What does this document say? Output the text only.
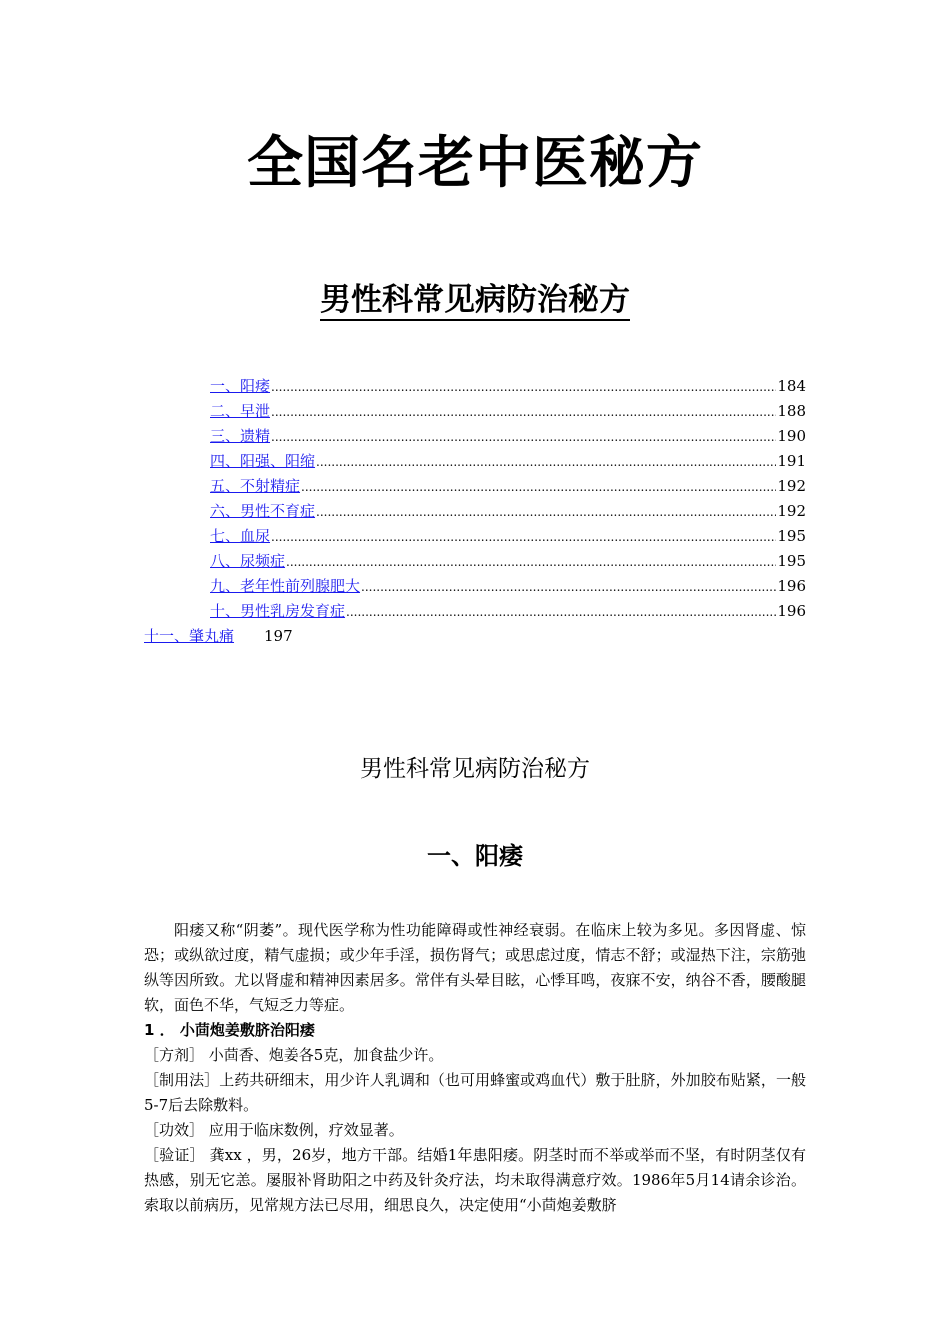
全国名老中医秘方
男性科常见病防治秘方
一、阳痿 .....	184
二、早泄 .....	188
三、遗精 .....	190
四、阳强、阳缩 .....	191
五、不射精症 .....	192
六、男性不育症 .....	192
七、血尿 .....	195
八、尿频症 .....	195
九、老年性前列腺肥大 .....	196
十、男性乳房发育症 .....	196
十一、肇丸痛 197
男性科常见病防治秘方
一、阳痿

阳痿又称“阴萎”。现代医学称为性功能障碍或性神经衰弱。在临床上较为多见。多因肾虚、惊恐；或纵欲过度，精气虚损；或少年手淫，损伤肾气；或思虑过度，情志不舒；或湿热下注，宗筋弛纵等因所致。尤以肾虚和精神因素居多。常伴有头晕目眩，心悸耳鸣，夜寐不安，纳谷不香，腰酸腿软，面色不华，气短乏力等症。

1 ． 小茴炮姜敷脐治阳痿

［方剂］ 小茴香、炮姜各5克，加食盐少许。

［制用法］上药共研细末，用少许人乳调和（也可用蜂蜜或鸡血代）敷于肚脐，外加胶布贴紧，一般5-7后去除敷料。

［功效］ 应用于临床数例，疗效显著。

［验证］ 龚xx ，男，26岁，地方干部。结婚1年患阳痿。阴茎时而不举或举而不坚，有时阴茎仅有热感，别无它恙。屡服补肾助阳之中药及针灸疗法，均未取得满意疗效。1986年5月14请余诊治。索取以前病历，见常规方法已尽用，细思良久，决定使用“小茴炮姜敷脐
